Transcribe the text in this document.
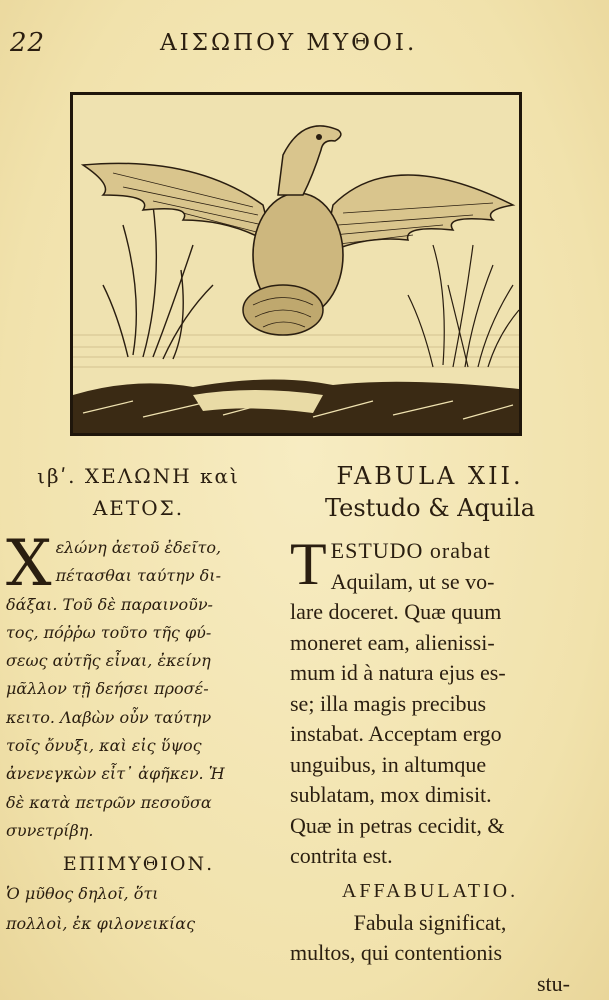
22	ΑΙΣΩΠΟΥ ΜΥΘΟΙ.
ιβʹ. ΧΕΛΩΝΗ καὶ
ΑΕΤΟΣ.
Χ ελώνη ἀετοῦ ἐδεῖτο,
πέτασθαι ταύτην δι-
δάξαι. Τοῦ δὲ παραινοῦν-
τος, πόῤῥω τοῦτο τῆς φύ-
σεως αὐτῆς εἶναι, ἐκείνη
μᾶλλον τῇ δεήσει προσέ-
κειτο. Λαβὼν οὖν ταύτην
τοῖς ὄνυξι, καὶ εἰς ὕψος
ἀνενεγκὼν εἶτ᾽ ἀφῆκεν. Ἡ
δὲ κατὰ πετρῶν πεσοῦσα
συνετρίβη.
ΕΠΙΜΥΘΙΟΝ.
Ὁ μῦθος δηλοῖ, ὅτι
πολλοὶ, ἐκ φιλονεικίας
FABULA XII.
Testudo & Aquila
T ESTUDO orabat
Aquilam, ut se vo-
lare doceret. Quæ quum
moneret eam, alienissi-
mum id à natura ejus es-
se; illa magis precibus
instabat. Acceptam ergo
unguibus, in altumque
sublatam, mox dimisit.
Quæ in petras cecidit, &
contrita est.
AFFABULATIO.
Fabula significat,
multos, qui contentionis
stu-
